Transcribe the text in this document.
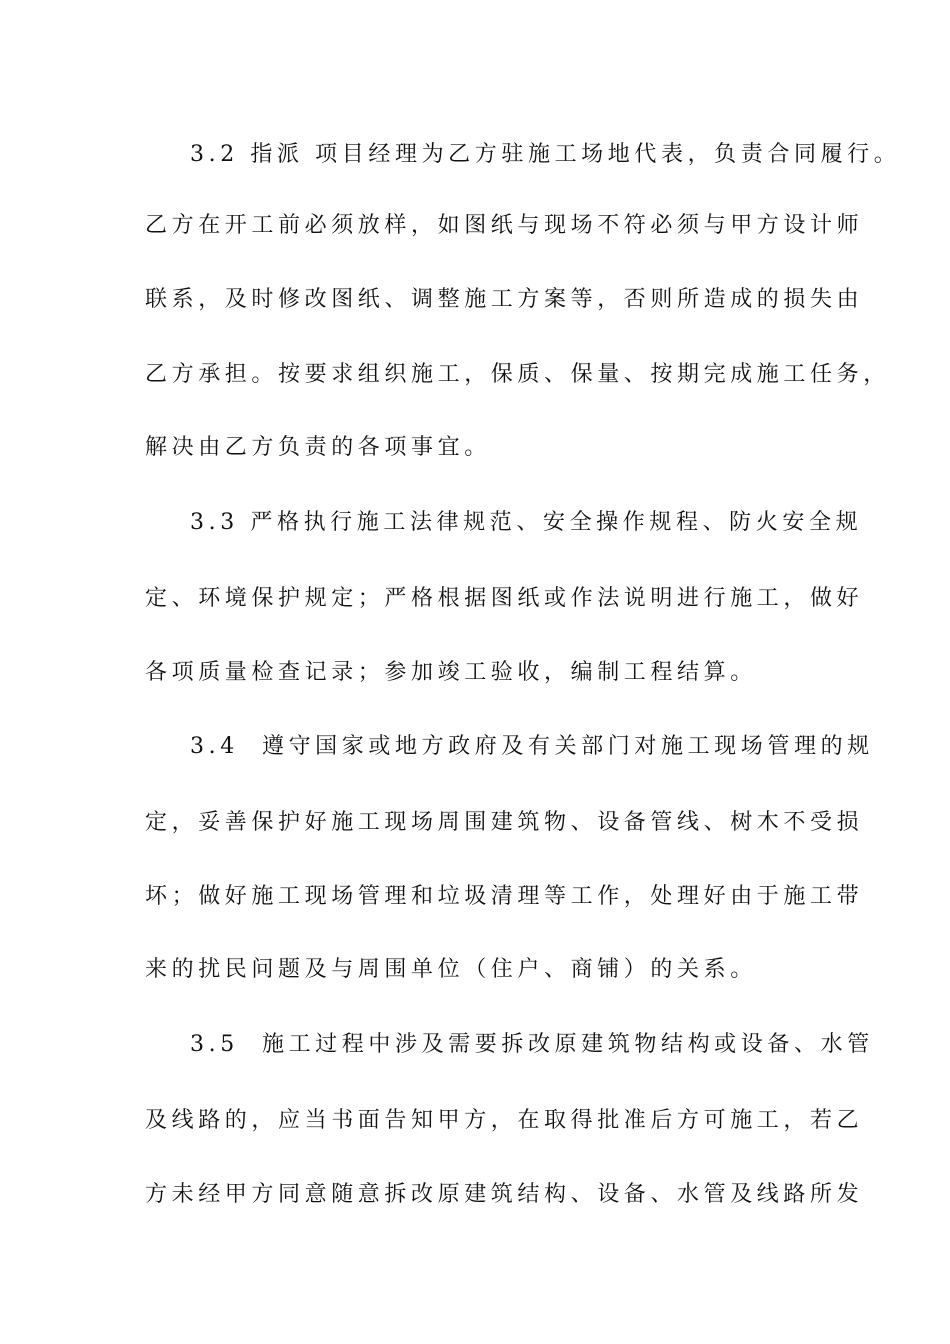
3.2 指派 项目经理为乙方驻施工场地代表，负责合同履行。
乙方在开工前必须放样，如图纸与现场不符必须与甲方设计师
联系，及时修改图纸、调整施工方案等，否则所造成的损失由
乙方承担。按要求组织施工，保质、保量、按期完成施工任务，
解决由乙方负责的各项事宜。
3.3 严格执行施工法律规范、安全操作规程、防火安全规
定、环境保护规定；严格根据图纸或作法说明进行施工，做好
各项质量检查记录；参加竣工验收，编制工程结算。
3.4  遵守国家或地方政府及有关部门对施工现场管理的规
定，妥善保护好施工现场周围建筑物、设备管线、树木不受损
坏；做好施工现场管理和垃圾清理等工作，处理好由于施工带
来的扰民问题及与周围单位（住户、商铺）的关系。
3.5  施工过程中涉及需要拆改原建筑物结构或设备、水管
及线路的，应当书面告知甲方，在取得批准后方可施工，若乙
方未经甲方同意随意拆改原建筑结构、设备、水管及线路所发
